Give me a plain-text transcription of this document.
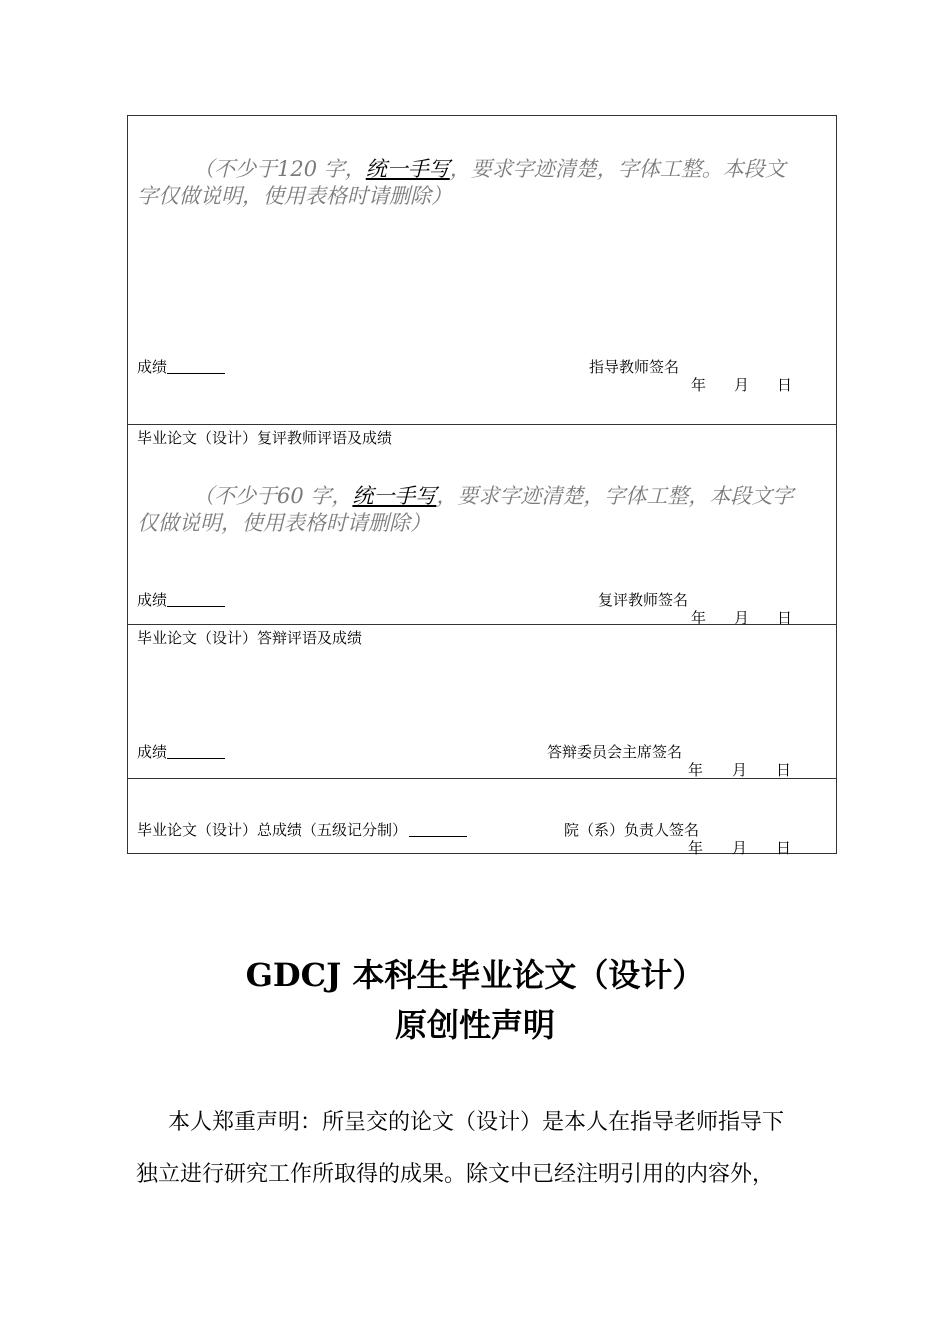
（不少于120 字，统一手写，要求字迹清楚，字体工整。本段文字仅做说明，使用表格时请删除）
成绩	指导教师签名
年 月 日
毕业论文（设计）复评教师评语及成绩
（不少于60 字，统一手写，要求字迹清楚，字体工整，本段文字仅做说明，使用表格时请删除）
成绩	复评教师签名
年 月 日
毕业论文（设计）答辩评语及成绩
成绩	答辩委员会主席签名
年 月 日
毕业论文（设计）总成绩（五级记分制）	院（系）负责人签名
年 月 日
GDCJ 本科生毕业论文（设计）
原创性声明
本人郑重声明：所呈交的论文（设计）是本人在指导老师指导下
独立进行研究工作所取得的成果。除文中已经注明引用的内容外，
